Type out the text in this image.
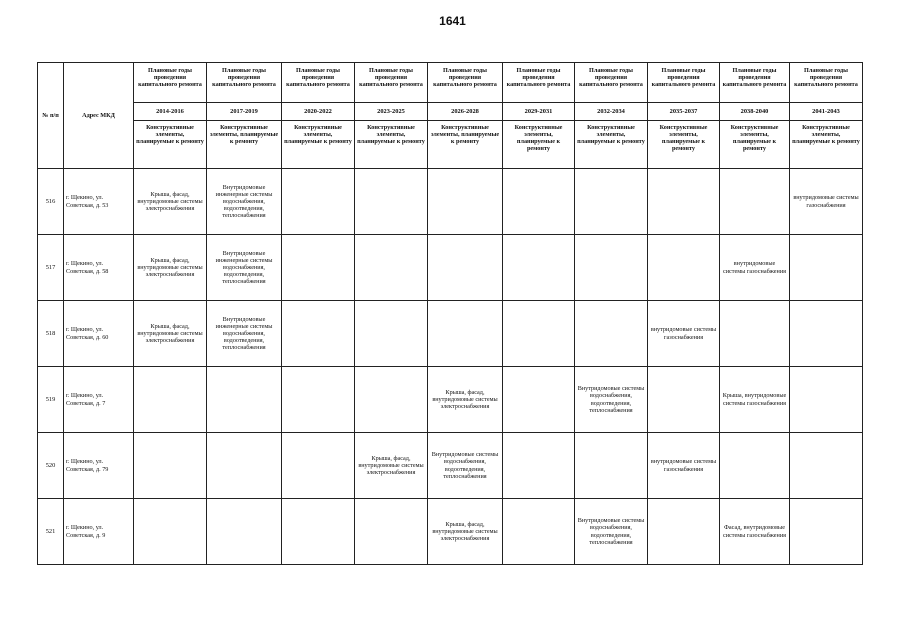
1641
№ п/п	Адрес МКД	Плановые годы проведения капитального ремонта	Плановые годы проведения капитального ремонта	Плановые годы проведения капитального ремонта	Плановые годы проведения капитального ремонта	Плановые годы проведения капитального ремонта	Плановые годы проведения капитального ремонта	Плановые годы проведения капитального ремонта	Плановые годы проведения капитального ремонта	Плановые годы проведения капитального ремонта	Плановые годы проведения капитального ремонта
		2014-2016	2017-2019	2020-2022	2023-2025	2026-2028	2029-2031	2032-2034	2035-2037	2038-2040	2041-2043
		Конструктивные элементы, планируемые к ремонту	Конструктивные элементы, планируемые к ремонту	Конструктивные элементы, планируемые к ремонту	Конструктивные элементы, планируемые к ремонту	Конструктивные элементы, планируемые к ремонту	Конструктивные элементы, планируемые к ремонту	Конструктивные элементы, планируемые к ремонту	Конструктивные элементы, планируемые к ремонту	Конструктивные элементы, планируемые к ремонту	Конструктивные элементы, планируемые к ремонту
516	г. Щекино, ул. Советская, д. 53	Крыша, фасад, внутридомовые системы электроснабжения	Внутридомовые инженерные системы водоснабжения, водоотведения, теплоснабжения								внутридомовые системы газоснабжения
517	г. Щекино, ул. Советская, д. 58	Крыша, фасад, внутридомовые системы электроснабжения	Внутридомовые инженерные системы водоснабжения, водоотведения, теплоснабжения							внутридомовые системы газоснабжения	
518	г. Щекино, ул. Советская, д. 60	Крыша, фасад, внутридомовые системы электроснабжения	Внутридомовые инженерные системы водоснабжения, водоотведения, теплоснабжения						внутридомовые системы газоснабжения		
519	г. Щекино, ул. Советская, д. 7					Крыша, фасад, внутридомовые системы электроснабжения		Внутридомовые системы водоснабжения, водоотведения, теплоснабжения		Крыша, внутридомовые системы газоснабжения	
520	г. Щекино, ул. Советская, д. 79				Крыша, фасад, внутридомовые системы электроснабжения	Внутридомовые системы водоснабжения, водоотведения, теплоснабжения			внутридомовые системы газоснабжения		
521	г. Щекино, ул. Советская, д. 9					Крыша, фасад, внутридомовые системы электроснабжения		Внутридомовые системы водоснабжения, водоотведения, теплоснабжения		Фасад, внутридомовые системы газоснабжения	
